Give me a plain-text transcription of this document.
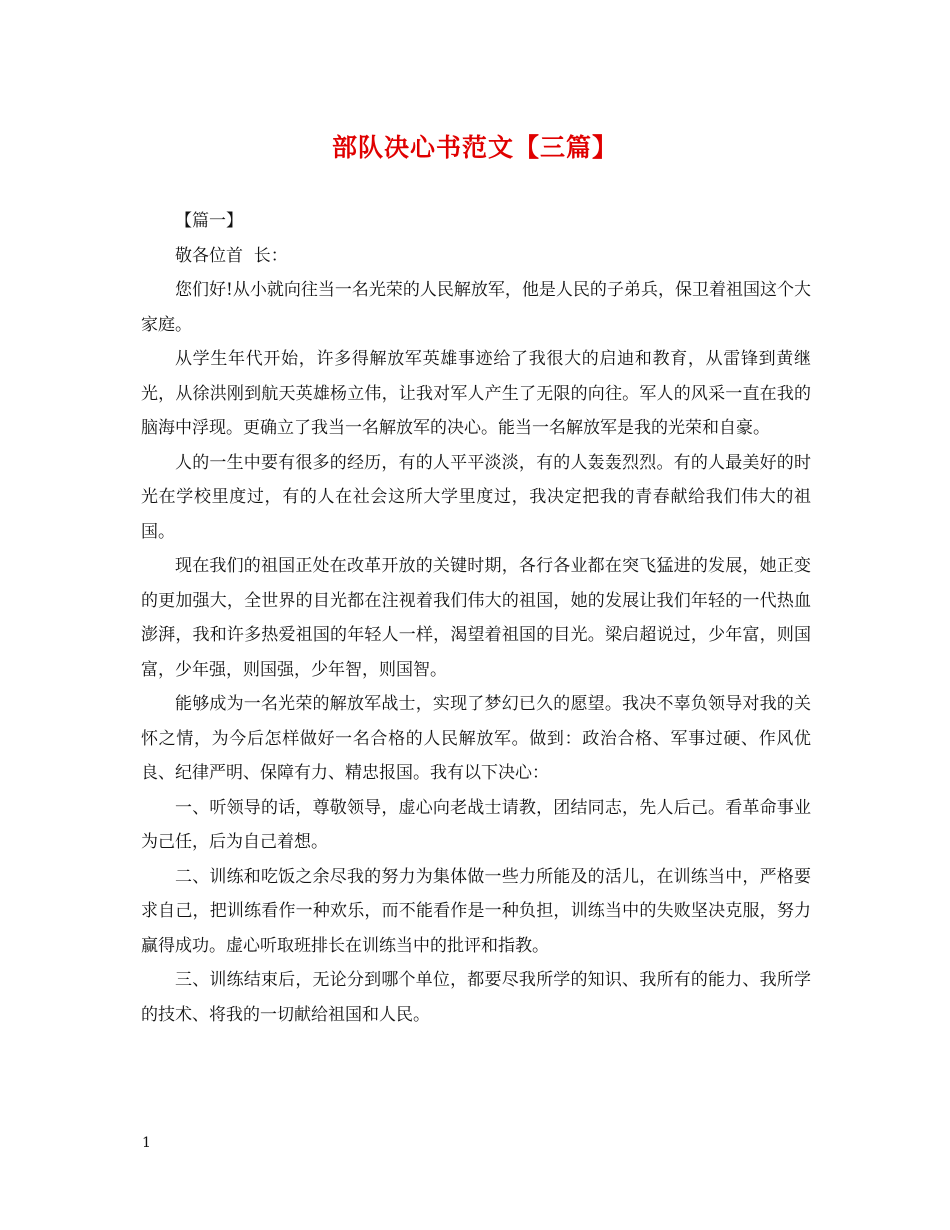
部队决心书范文【三篇】

【篇一】

敬各位首  长：

您们好!从小就向往当一名光荣的人民解放军，他是人民的子弟兵，保卫着祖国这个大家庭。

从学生年代开始，许多得解放军英雄事迹给了我很大的启迪和教育，从雷锋到黄继光，从徐洪刚到航天英雄杨立伟，让我对军人产生了无限的向往。军人的风采一直在我的脑海中浮现。更确立了我当一名解放军的决心。能当一名解放军是我的光荣和自豪。

人的一生中要有很多的经历，有的人平平淡淡，有的人轰轰烈烈。有的人最美好的时光在学校里度过，有的人在社会这所大学里度过，我决定把我的青春献给我们伟大的祖国。

现在我们的祖国正处在改革开放的关键时期，各行各业都在突飞猛进的发展，她正变的更加强大，全世界的目光都在注视着我们伟大的祖国，她的发展让我们年轻的一代热血澎湃，我和许多热爱祖国的年轻人一样，渴望着祖国的目光。梁启超说过，少年富，则国富，少年强，则国强，少年智，则国智。

能够成为一名光荣的解放军战士，实现了梦幻已久的愿望。我决不辜负领导对我的关怀之情，为今后怎样做好一名合格的人民解放军。做到：政治合格、军事过硬、作风优良、纪律严明、保障有力、精忠报国。我有以下决心：

一、听领导的话，尊敬领导，虚心向老战士请教，团结同志，先人后己。看革命事业为己任，后为自己着想。

二、训练和吃饭之余尽我的努力为集体做一些力所能及的活儿，在训练当中，严格要求自己，把训练看作一种欢乐，而不能看作是一种负担，训练当中的失败坚决克服，努力赢得成功。虚心听取班排长在训练当中的批评和指教。

三、训练结束后，无论分到哪个单位，都要尽我所学的知识、我所有的能力、我所学的技术、将我的一切献给祖国和人民。

1
